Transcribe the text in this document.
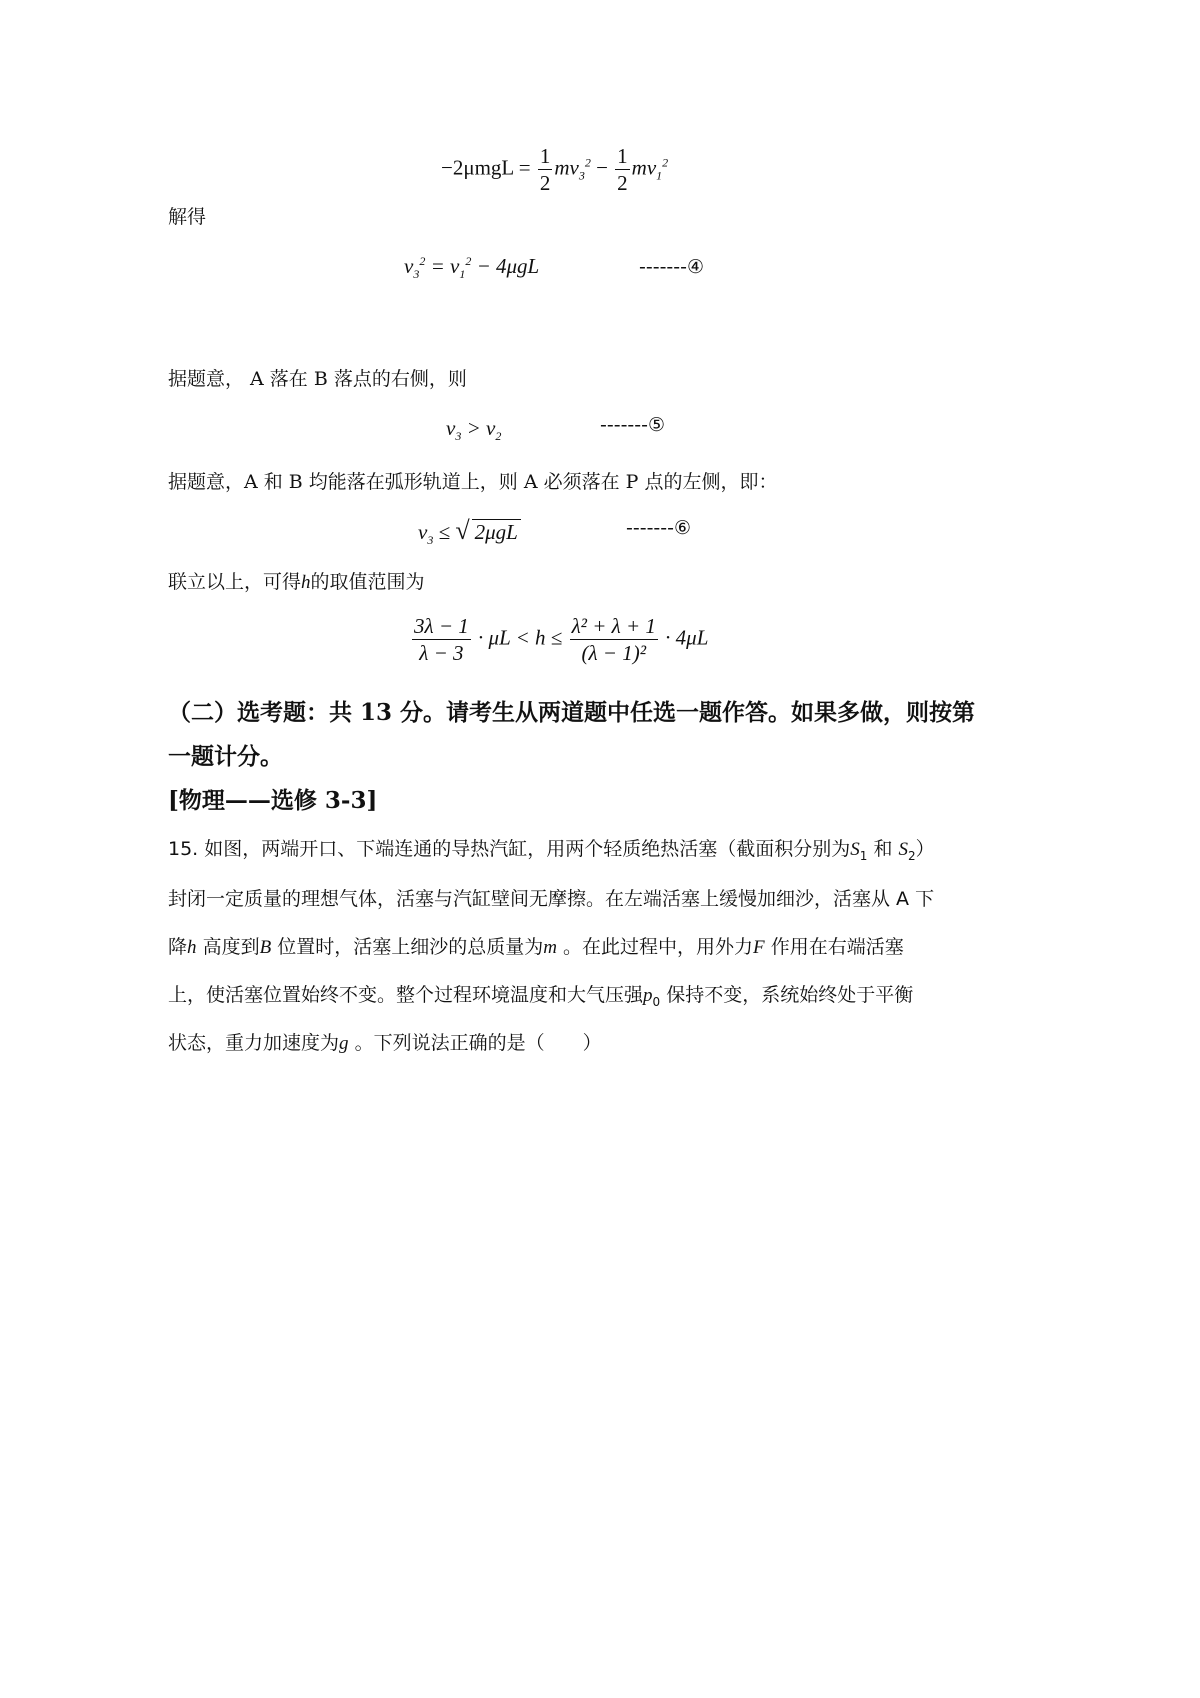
$-2\mu mgL = \frac{1}{2} mv_3^2 - \frac{1}{2} mv_1^2$
解得
$v_3^2 = v_1^2 - 4\mu gL$	-------④
据题意， A 落在 B 落点的右侧，则
$v_3 > v_2$
-------⑤
据题意，A 和 B 均能落在弧形轨道上，则 A 必须落在 P 点的左侧，即：
$v_3$ ≤ √ 2μgL	-------⑥
联立以上，可得h的取值范围为
$\frac{3\lambda - 1}{\lambda - 3} \cdot \mu L < h \le \frac{\text{λ² + λ + 1}}{\text{(λ − 1)²}} \cdot 4\mu L$
（二）选考题：共 13 分。请考生从两道题中任选一题作答。如果多做，则按第
一题计分。
[物理——选修 3-3]
15. 如图，两端开口、下端连通的导热汽缸，用两个轻质绝热活塞（截面积分别为$S_1$ 和 $S_2$）
封闭一定质量的理想气体，活塞与汽缸壁间无摩擦。在左端活塞上缓慢加细沙，活塞从 A 下
降h 高度到B 位置时，活塞上细沙的总质量为m 。在此过程中，用外力F 作用在右端活塞
上，使活塞位置始终不变。整个过程环境温度和大气压强$p_0$ 保持不变，系统始终处于平衡
状态，重力加速度为g 。下列说法正确的是（　　）
